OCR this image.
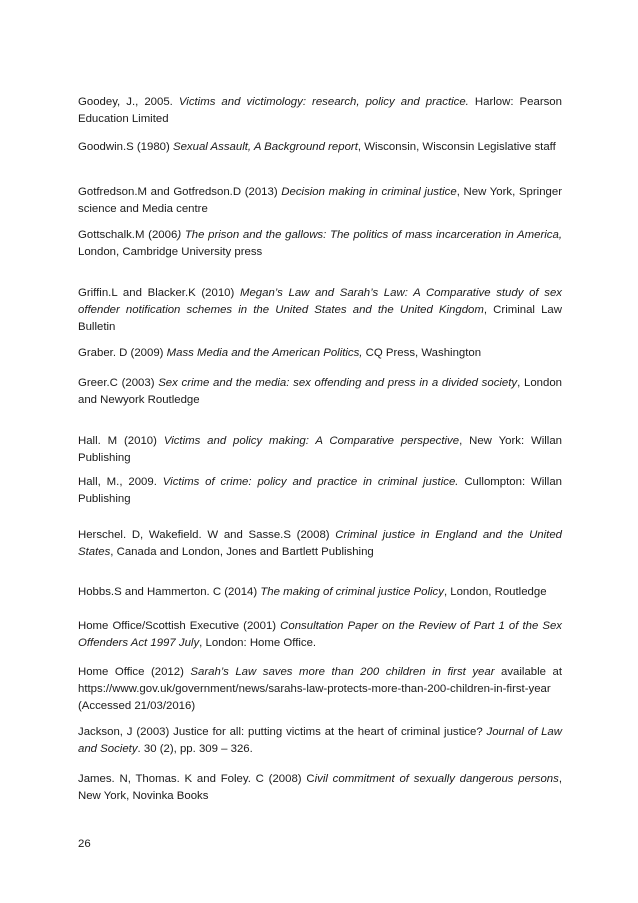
Goodey, J., 2005. Victims and victimology: research, policy and practice. Harlow: Pearson Education Limited

Goodwin.S (1980) Sexual Assault, A Background report, Wisconsin, Wisconsin Legislative staff

Gotfredson.M and Gotfredson.D (2013) Decision making in criminal justice, New York, Springer science and Media centre

Gottschalk.M (2006) The prison and the gallows: The politics of mass incarceration in America, London, Cambridge University press

Griffin.L and Blacker.K (2010) Megan’s Law and Sarah’s Law: A Comparative study of sex offender notification schemes in the United States and the United Kingdom, Criminal Law Bulletin

Graber. D (2009) Mass Media and the American Politics, CQ Press, Washington

Greer.C (2003) Sex crime and the media: sex offending and press in a divided society, London and Newyork Routledge

Hall. M (2010) Victims and policy making: A Comparative perspective, New York: Willan Publishing

Hall, M., 2009. Victims of crime: policy and practice in criminal justice. Cullompton: Willan Publishing

Herschel. D, Wakefield. W and Sasse.S (2008) Criminal justice in England and the United States, Canada and London, Jones and Bartlett Publishing

Hobbs.S and Hammerton. C (2014) The making of criminal justice Policy, London, Routledge

Home Office/Scottish Executive (2001) Consultation Paper on the Review of Part 1 of the Sex Offenders Act 1997 July, London: Home Office.

Home Office (2012) Sarah’s Law saves more than 200 children in first year available at https://www.gov.uk/government/news/sarahs-law-protects-more-than-200-children-in-first-year (Accessed 21/03/2016)

Jackson, J (2003) Justice for all: putting victims at the heart of criminal justice? Journal of Law and Society. 30 (2), pp. 309 – 326.

James. N, Thomas. K and Foley. C (2008) Civil commitment of sexually dangerous persons, New York, Novinka Books

26
